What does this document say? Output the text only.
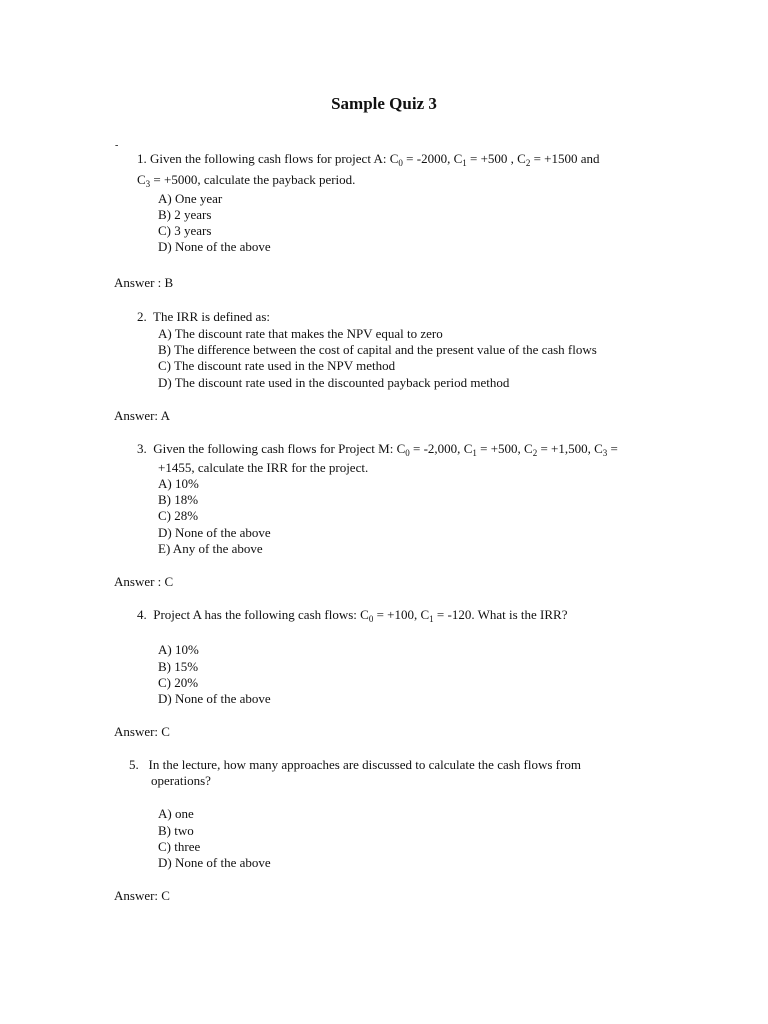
Sample Quiz 3
-
1. Given the following cash flows for project A: $C_0 = -2000$, $C_1 = +500$ , $C_2 = +1500$ and
$C_3 = +5000$, calculate the payback period.
A) One year
B) 2 years
C) 3 years
D) None of the above
Answer : B
2. The IRR is defined as:
A) The discount rate that makes the NPV equal to zero
B) The difference between the cost of capital and the present value of the cash flows
C) The discount rate used in the NPV method
D) The discount rate used in the discounted payback period method
Answer: A
3. Given the following cash flows for Project M: $C_0 = -2,000$, $C_1 = +500$, $C_2 = +1,500$, $C_3$ =
+1455, calculate the IRR for the project.
A) 10%
B) 18%
C) 28%
D) None of the above
E) Any of the above
Answer : C
4. Project A has the following cash flows: $C_0 = +100$, $C_1 = -120$. What is the IRR?
A) 10%
B) 15%
C) 20%
D) None of the above
Answer: C
5. In the lecture, how many approaches are discussed to calculate the cash flows from
operations?
A) one
B) two
C) three
D) None of the above
Answer: C
